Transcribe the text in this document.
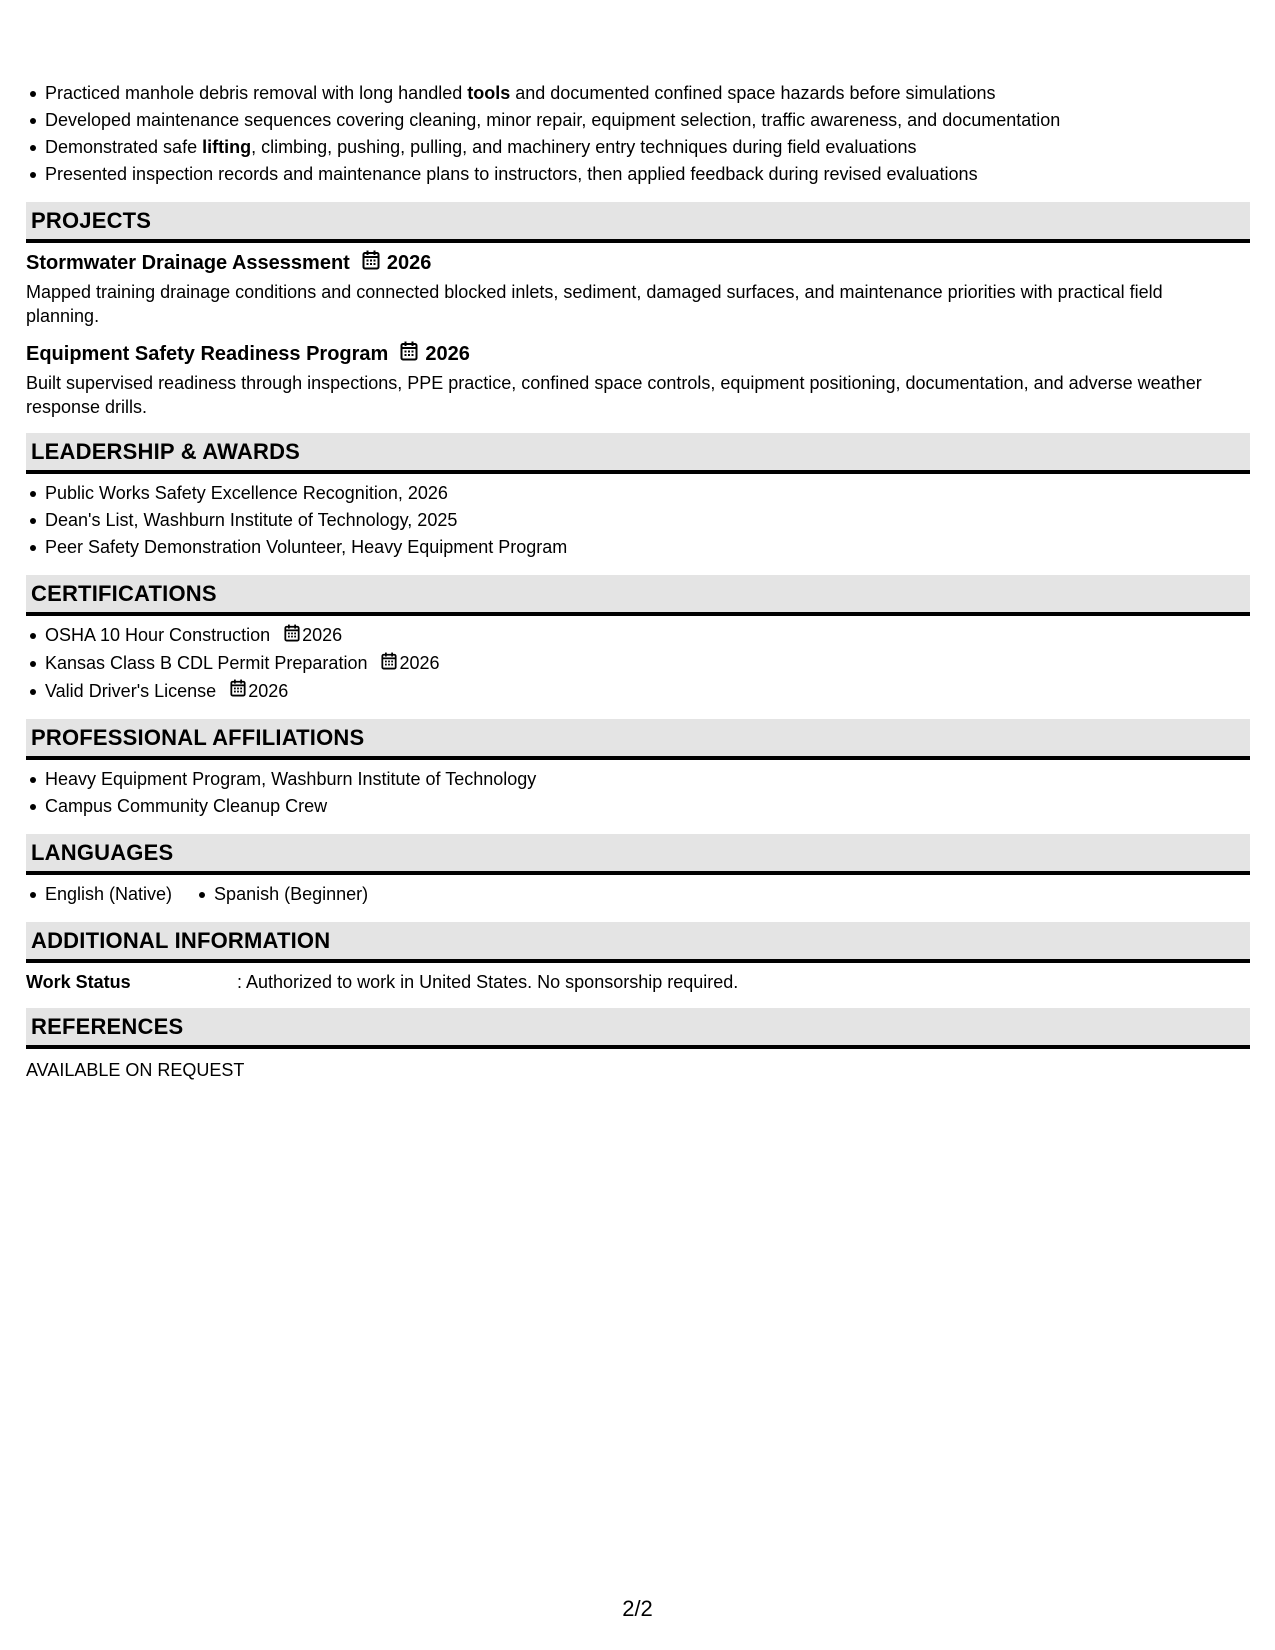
Practiced manhole debris removal with long handled tools and documented confined space hazards before simulations
Developed maintenance sequences covering cleaning, minor repair, equipment selection, traffic awareness, and documentation
Demonstrated safe lifting, climbing, pushing, pulling, and machinery entry techniques during field evaluations
Presented inspection records and maintenance plans to instructors, then applied feedback during revised evaluations
PROJECTS
Stormwater Drainage Assessment 2026
Mapped training drainage conditions and connected blocked inlets, sediment, damaged surfaces, and maintenance priorities with practical field planning.
Equipment Safety Readiness Program 2026
Built supervised readiness through inspections, PPE practice, confined space controls, equipment positioning, documentation, and adverse weather response drills.
LEADERSHIP & AWARDS
Public Works Safety Excellence Recognition, 2026
Dean's List, Washburn Institute of Technology, 2025
Peer Safety Demonstration Volunteer, Heavy Equipment Program
CERTIFICATIONS
OSHA 10 Hour Construction 2026
Kansas Class B CDL Permit Preparation 2026
Valid Driver's License 2026
PROFESSIONAL AFFILIATIONS
Heavy Equipment Program, Washburn Institute of Technology
Campus Community Cleanup Crew
LANGUAGES
English (Native) Spanish (Beginner)
ADDITIONAL INFORMATION
Work Status	: Authorized to work in United States. No sponsorship required.
REFERENCES
AVAILABLE ON REQUEST
2/2
